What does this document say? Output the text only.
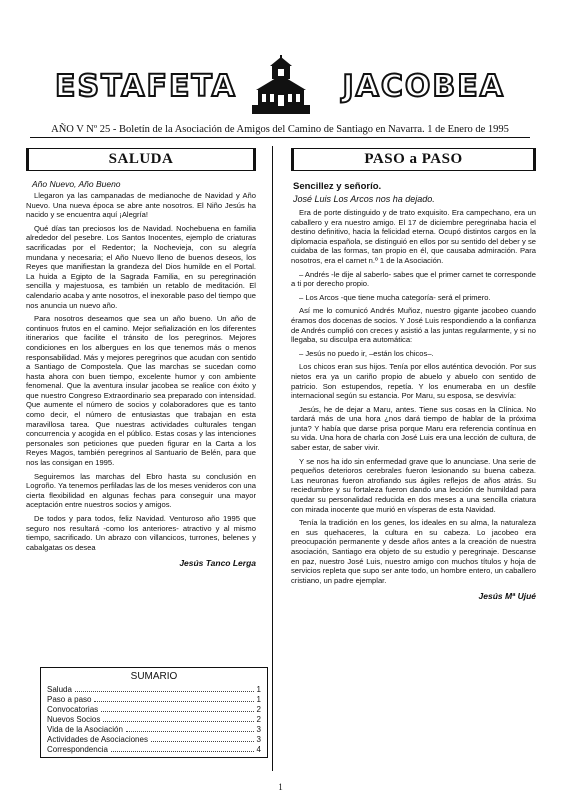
ESTAFETA	JACOBEA
AÑO V Nº 25 - Boletín de la Asociación de Amigos del Camino de Santiago en Navarra. 1 de Enero de 1995
SALUDA
Año Nuevo, Año Bueno

Llegaron ya las campanadas de medianoche de Navidad y Año Nuevo. Una nueva época se abre ante nosotros. El Niño Jesús ha nacido y se encuentra aquí ¡Alegría!

Qué días tan preciosos los de Navidad. Nochebuena en familia alrededor del pesebre. Los Santos Inocentes, ejemplo de criaturas sacrificadas por el Redentor; la Nochevieja, con su alegría mundana y necesaria; el Año Nuevo lleno de buenos deseos, los Reyes que manifiestan la grandeza del Dios humilde en el Portal. La huida a Egipto de la Sagrada Familia, en su peregrinación sencilla y majestuosa, es también un retablo de meditación. El calendario acaba y ante nosotros, el inexorable paso del tiempo que nos anuncia un nuevo año.

Para nosotros deseamos que sea un año bueno. Un año de continuos frutos en el camino. Mejor señalización en los diferentes itinerarios que facilite el tránsito de los peregrinos. Mejores condiciones en los albergues en los que tenemos más o menos responsabilidad. Más y mejores peregrinos que acudan con sentido a Santiago de Compostela. Que las marchas se sucedan como hasta ahora con buen tiempo, excelente humor y con ambiente fenomenal. Que la aventura insular jacobea se realice con éxito y que nuestro Congreso Extraordinario sea preparado con intensidad. Que aumente el número de socios y colaboradores que es tanto como decir, el número de entusiastas que trabajan en esta maravillosa tarea. Que nuestras actividades culturales tengan concurrencia y acogida en el público. Estas cosas y las intenciones personales son peticiones que pueden figurar en la Carta a los Reyes Magos, también peregrinos al Santuario de Belén, para que nos las consigan en 1995.

Seguiremos las marchas del Ebro hasta su conclusión en Logroño. Ya tenemos perfiladas las de los meses venideros con una cierta flexibilidad en algunas fechas para conseguir una mayor aceptación entre nuestros socios y amigos.

De todos y para todos, feliz Navidad. Venturoso año 1995 que seguro nos resultará -como los anteriores- atractivo y al mismo tiempo, sacrificado. Un abrazo con villancicos, turrones, belenes y cabalgatas os desea

Jesús Tanco Lerga
SUMARIO
Saluda	1
Paso a paso	1
Convocatorias	2
Nuevos Socios	2
Vida de la Asociación	3
Actividades de Asociaciones	3
Correspondencia	4
PASO a PASO
Sencillez y señorío.
José Luis Los Arcos nos ha dejado.

Era de porte distinguido y de trato exquisito. Era campechano, era un caballero y era nuestro amigo. El 17 de diciembre peregrinaba hacia el destino definitivo, hacia la felicidad eterna. Ocupó distintos cargos en la diplomacia española, se distinguió en ellos por su sentido del deber y se cuidaba de las formas, tan propio en él, que causaba admiración. Para nosotros, era el carnet n.º 1 de la Asociación.

– Andrés -le dije al saberlo- sabes que el primer carnet te corresponde a ti por derecho propio.

– Los Arcos -que tiene mucha categoría- será el primero.

Así me lo comunicó Andrés Muñoz, nuestro gigante jacobeo cuando éramos dos docenas de socios. Y José Luis respondiendo a la confianza de Andrés cumplió con creces y asistió a las juntas regularmente, y si no llegaba, su disculpa era automática:

– Jesús no puedo ir, –están los chicos–.

Los chicos eran sus hijos. Tenía por ellos auténtica devoción. Por sus nietos era ya un cariño propio de abuelo y abuelo con sentido de patricio. Son estupendos, repetía. Y los enumeraba en un desfile internacional según su estancia. Por Maru, su esposa, se desvivía:

Jesús, he de dejar a Maru, antes. Tiene sus cosas en la Clínica. No tardará más de una hora ¿nos dará tiempo de hablar de la próxima junta? Y había que darse prisa porque Maru era referencia contínua en su vida. Una hora de charla con José Luis era una lección de cultura, de saber estar, de saber vivir.

Y se nos ha ido sin enfermedad grave que lo anunciase. Una serie de pequeños deterioros cerebrales fueron lesionando su buena cabeza. Las neuronas fueron atrofiando sus ágiles reflejos de años atrás. Su reciedumbre y su fortaleza fueron dando una lección de humildad para quedar su personalidad reducida en dos meses a una sencilla criatura con mirada inocente que murió en vísperas de esta Navidad.

Tenía la tradición en los genes, los ideales en su alma, la naturaleza en sus quehaceres, la cultura en su cabeza. Lo jacobeo era preocupación permanente y desde años antes a la creación de nuestra asociación, Santiago era objeto de su estudio y peregrinaje. Descanse en paz, nuestro José Luis, nuestro amigo con muchos títulos y hoja de servicios repleta que supo ser ante todo, un hombre entero, un caballero cristiano, un padre ejemplar.

Jesús Mª Ujué
1
